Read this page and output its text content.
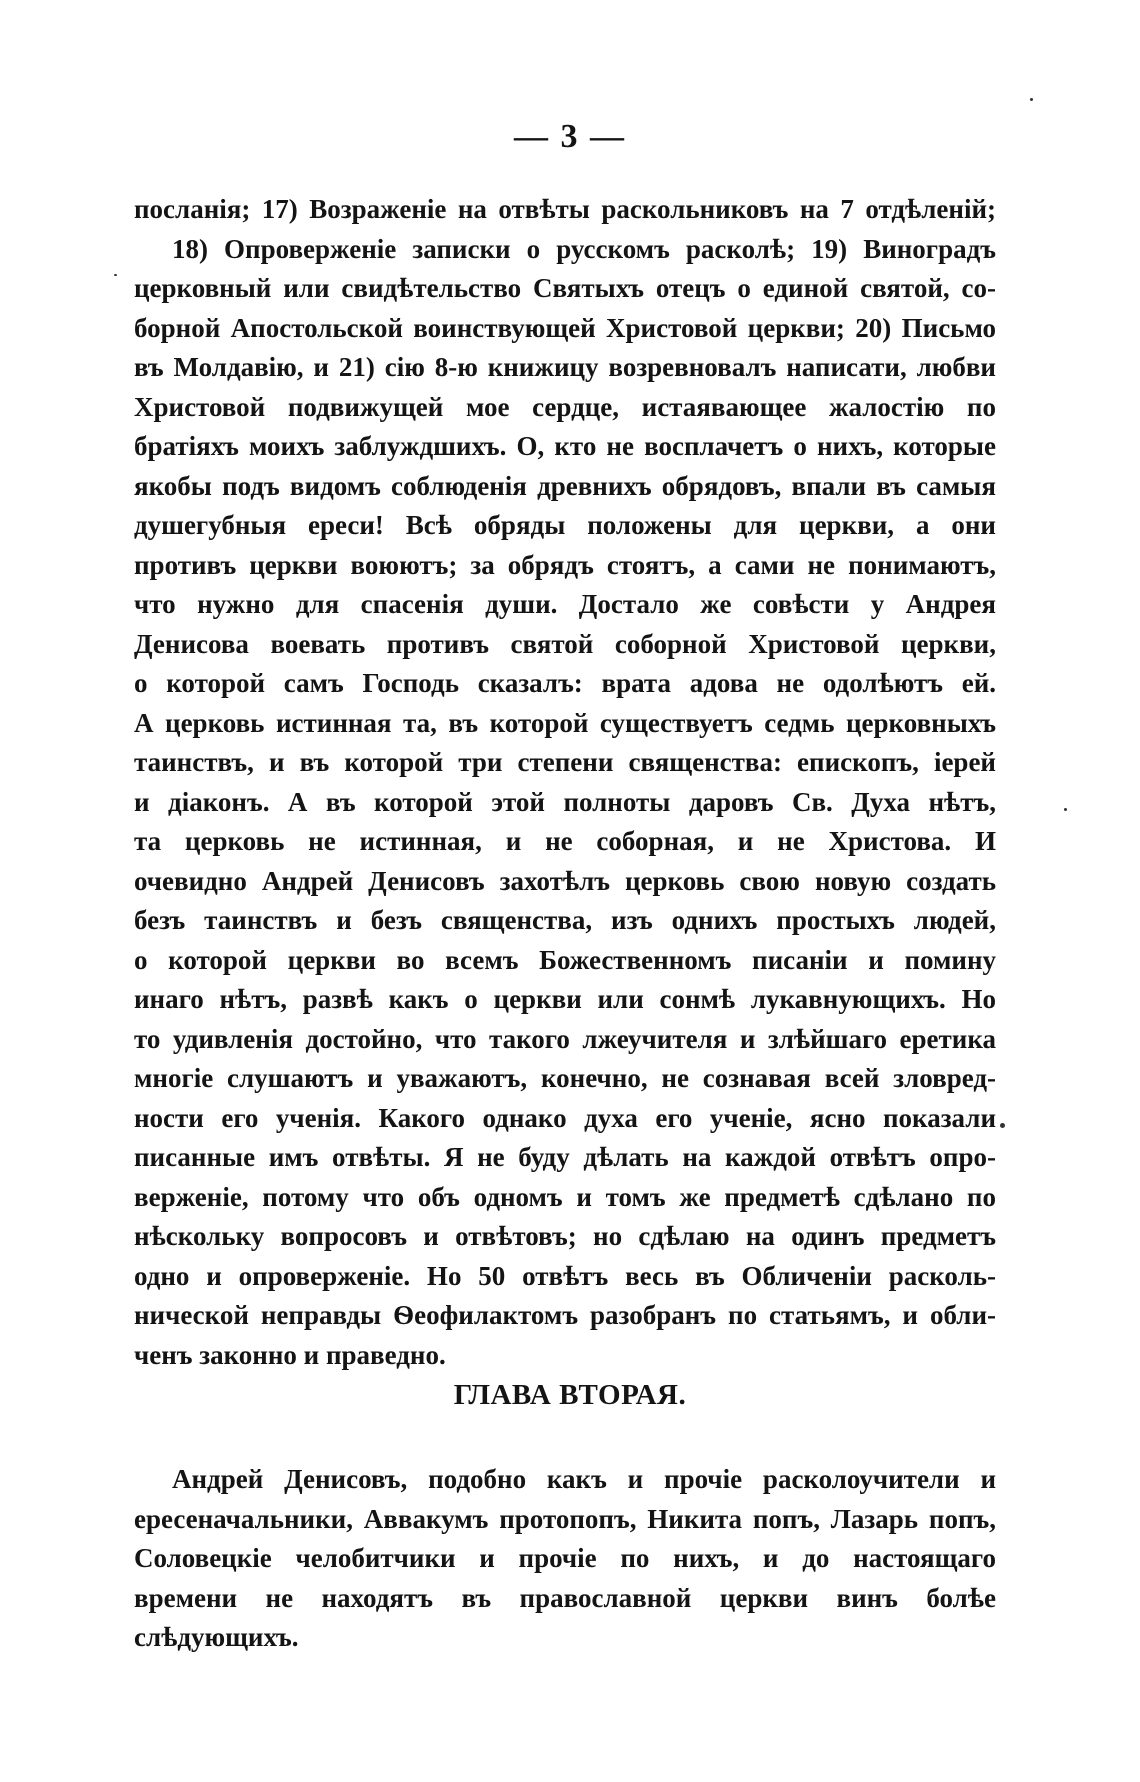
— 3 —
посланія; 17) Возраженіе на отвѣты раскольниковъ на 7 отдѣленій;
18) Опроверженіе записки о русскомъ расколѣ; 19) Виноградъ
церковный или свидѣтельство Святыхъ отецъ о единой святой, со-
борной Апостольской воинствующей Христовой церкви; 20) Письмо
въ Молдавію, и 21) сію 8-ю книжицу возревновалъ написати, любви
Христовой подвижущей мое сердце, истаявающее жалостію по
братіяхъ моихъ заблуждшихъ. О, кто не восплачетъ о нихъ, которые
якобы подъ видомъ соблюденія древнихъ обрядовъ, впали въ самыя
душегубныя ереси! Всѣ обряды положены для церкви, а они
противъ церкви воюютъ; за обрядъ стоятъ, а сами не понимаютъ,
что нужно для спасенія души. Достало же совѣсти у Андрея
Денисова воевать противъ святой соборной Христовой церкви,
о которой самъ Господь сказалъ: врата адова не одолѣютъ ей.
А церковь истинная та, въ которой существуетъ седмь церковныхъ
таинствъ, и въ которой три степени священства: епископъ, іерей
и діаконъ. А въ которой этой полноты даровъ Св. Духа нѣтъ,
та церковь не истинная, и не соборная, и не Христова. И
очевидно Андрей Денисовъ захотѣлъ церковь свою новую создать
безъ таинствъ и безъ священства, изъ однихъ простыхъ людей,
о которой церкви во всемъ Божественномъ писаніи и помину
инаго нѣтъ, развѣ какъ о церкви или сонмѣ лукавнующихъ. Но
то удивленія достойно, что такого лжеучителя и злѣйшаго еретика
многіе слушаютъ и уважаютъ, конечно, не сознавая всей зловред-
ности его ученія. Какого однако духа его ученіе, ясно показали
писанные имъ отвѣты. Я не буду дѣлать на каждой отвѣтъ опро-
верженіе, потому что объ одномъ и томъ же предметѣ сдѣлано по
нѣскольку вопросовъ и отвѣтовъ; но сдѣлаю на одинъ предметъ
одно и опроверженіе. Но 50 отвѣтъ весь въ Обличеніи расколь-
нической неправды Ѳеофилактомъ разобранъ по статьямъ, и обли-
ченъ законно и праведно.
ГЛАВА ВТОРАЯ.
Андрей Денисовъ, подобно какъ и прочіе расколоучители и
ересеначальники, Аввакумъ протопопъ, Никита попъ, Лазарь попъ,
Соловецкіе челобитчики и прочіе по нихъ, и до настоящаго
времени не находятъ въ православной церкви винъ болѣе
слѣдующихъ.
